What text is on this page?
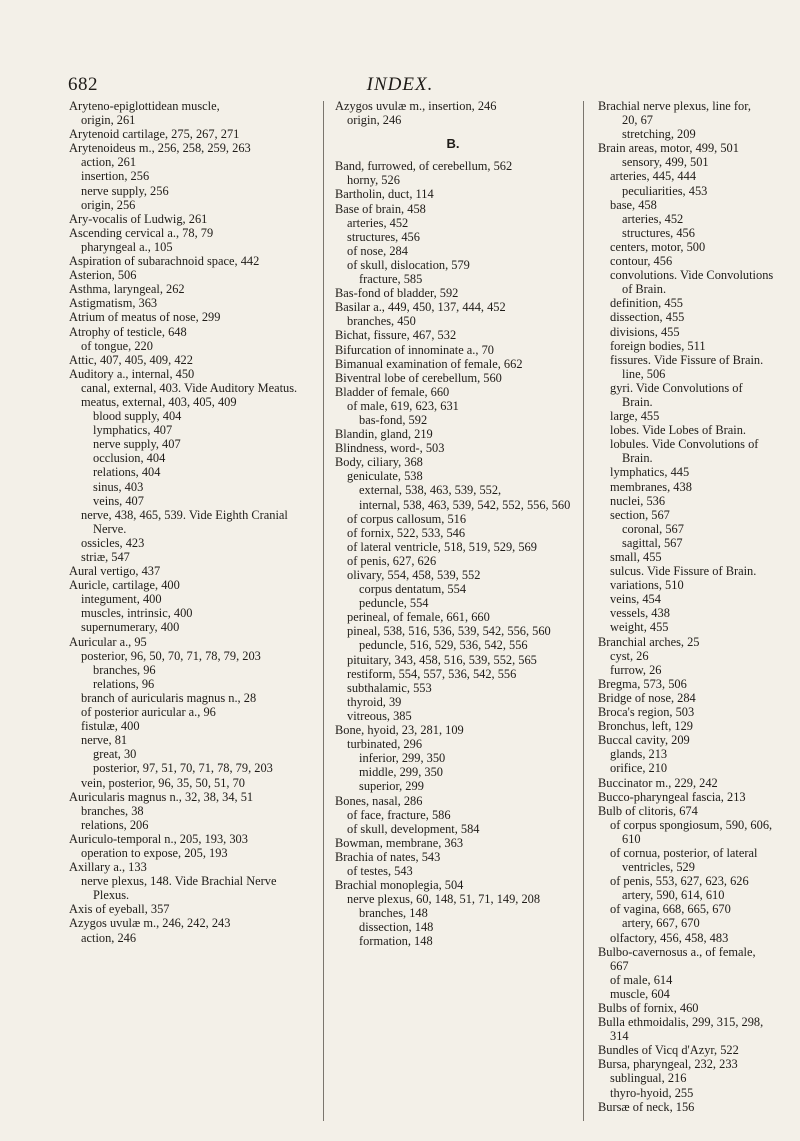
682	INDEX.

Aryteno-epiglottidean muscle,

origin, 261

Arytenoid cartilage, 275, 267, 271

Arytenoideus m., 256, 258, 259, 263

action, 261

insertion, 256

nerve supply, 256

origin, 256

Ary-vocalis of Ludwig, 261

Ascending cervical a., 78, 79

pharyngeal a., 105

Aspiration of subarachnoid space, 442

Asterion, 506

Asthma, laryngeal, 262

Astigmatism, 363

Atrium of meatus of nose, 299

Atrophy of testicle, 648

of tongue, 220

Attic, 407, 405, 409, 422

Auditory a., internal, 450

canal, external, 403. Vide Auditory Meatus.

meatus, external, 403, 405, 409

blood supply, 404

lymphatics, 407

nerve supply, 407

occlusion, 404

relations, 404

sinus, 403

veins, 407

nerve, 438, 465, 539. Vide Eighth Cranial Nerve.

ossicles, 423

striæ, 547

Aural vertigo, 437

Auricle, cartilage, 400

integument, 400

muscles, intrinsic, 400

supernumerary, 400

Auricular a., 95

posterior, 96, 50, 70, 71, 78, 79, 203

branches, 96

relations, 96

branch of auricularis magnus n., 28

of posterior auricular a., 96

fistulæ, 400

nerve, 81

great, 30

posterior, 97, 51, 70, 71, 78, 79, 203

vein, posterior, 96, 35, 50, 51, 70

Auricularis magnus n., 32, 38, 34, 51

branches, 38

relations, 206

Auriculo-temporal n., 205, 193, 303

operation to expose, 205, 193

Axillary a., 133

nerve plexus, 148. Vide Brachial Nerve Plexus.

Axis of eyeball, 357

Azygos uvulæ m., 246, 242, 243

action, 246

Azygos uvulæ m., insertion, 246

origin, 246

B.

Band, furrowed, of cerebellum, 562

horny, 526

Bartholin, duct, 114

Base of brain, 458

arteries, 452

structures, 456

of nose, 284

of skull, dislocation, 579

fracture, 585

Bas-fond of bladder, 592

Basilar a., 449, 450, 137, 444, 452

branches, 450

Bichat, fissure, 467, 532

Bifurcation of innominate a., 70

Bimanual examination of female, 662

Biventral lobe of cerebellum, 560

Bladder of female, 660

of male, 619, 623, 631

bas-fond, 592

Blandin, gland, 219

Blindness, word-, 503

Body, ciliary, 368

geniculate, 538

external, 538, 463, 539, 552,

internal, 538, 463, 539, 542, 552, 556, 560

of corpus callosum, 516

of fornix, 522, 533, 546

of lateral ventricle, 518, 519, 529, 569

of penis, 627, 626

olivary, 554, 458, 539, 552

corpus dentatum, 554

peduncle, 554

perineal, of female, 661, 660

pineal, 538, 516, 536, 539, 542, 556, 560

peduncle, 516, 529, 536, 542, 556

pituitary, 343, 458, 516, 539, 552, 565

restiform, 554, 557, 536, 542, 556

subthalamic, 553

thyroid, 39

vitreous, 385

Bone, hyoid, 23, 281, 109

turbinated, 296

inferior, 299, 350

middle, 299, 350

superior, 299

Bones, nasal, 286

of face, fracture, 586

of skull, development, 584

Bowman, membrane, 363

Brachia of nates, 543

of testes, 543

Brachial monoplegia, 504

nerve plexus, 60, 148, 51, 71, 149, 208

branches, 148

dissection, 148

formation, 148

Brachial nerve plexus, line for,

20, 67

stretching, 209

Brain areas, motor, 499, 501

sensory, 499, 501

arteries, 445, 444

peculiarities, 453

base, 458

arteries, 452

structures, 456

centers, motor, 500

contour, 456

convolutions. Vide Convolutions of Brain.

definition, 455

dissection, 455

divisions, 455

foreign bodies, 511

fissures. Vide Fissure of Brain.

line, 506

gyri. Vide Convolutions of Brain.

large, 455

lobes. Vide Lobes of Brain.

lobules. Vide Convolutions of Brain.

lymphatics, 445

membranes, 438

nuclei, 536

section, 567

coronal, 567

sagittal, 567

small, 455

sulcus. Vide Fissure of Brain.

variations, 510

veins, 454

vessels, 438

weight, 455

Branchial arches, 25

cyst, 26

furrow, 26

Bregma, 573, 506

Bridge of nose, 284

Broca's region, 503

Bronchus, left, 129

Buccal cavity, 209

glands, 213

orifice, 210

Buccinator m., 229, 242

Bucco-pharyngeal fascia, 213

Bulb of clitoris, 674

of corpus spongiosum, 590, 606, 610

of cornua, posterior, of lateral ventricles, 529

of penis, 553, 627, 623, 626

artery, 590, 614, 610

of vagina, 668, 665, 670

artery, 667, 670

olfactory, 456, 458, 483

Bulbo-cavernosus a., of female, 667

of male, 614

muscle, 604

Bulbs of fornix, 460

Bulla ethmoidalis, 299, 315, 298, 314

Bundles of Vicq d'Azyr, 522

Bursa, pharyngeal, 232, 233

sublingual, 216

thyro-hyoid, 255

Bursæ of neck, 156
